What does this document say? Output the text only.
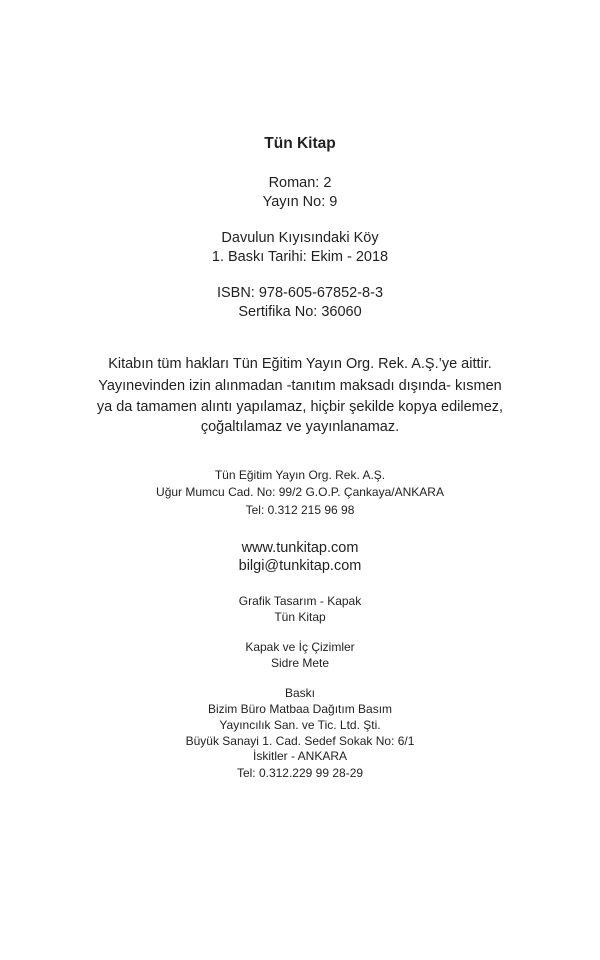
Tün Kitap
Roman: 2
Yayın No: 9
Davulun Kıyısındaki Köy
1. Baskı Tarihi: Ekim - 2018
ISBN: 978-605-67852-8-3
Sertifika No: 36060
Kitabın tüm hakları Tün Eğitim Yayın Org. Rek. A.Ş.’ye aittir.
Yayınevinden izin alınmadan -tanıtım maksadı dışında- kısmen
ya da tamamen alıntı yapılamaz, hiçbir şekilde kopya edilemez,
çoğaltılamaz ve yayınlanamaz.
Tün Eğitim Yayın Org. Rek. A.Ş.
Uğur Mumcu Cad. No: 99/2 G.O.P. Çankaya/ANKARA
Tel: 0.312 215 96 98
www.tunkitap.com
bilgi@tunkitap.com
Grafik Tasarım - Kapak
Tün Kitap
Kapak ve İç Çizimler
Sidre Mete
Baskı
Bizim Büro Matbaa Dağıtım Basım
Yayıncılık San. ve Tic. Ltd. Şti.
Büyük Sanayi 1. Cad. Sedef Sokak No: 6/1
İskitler - ANKARA
Tel: 0.312.229 99 28-29
